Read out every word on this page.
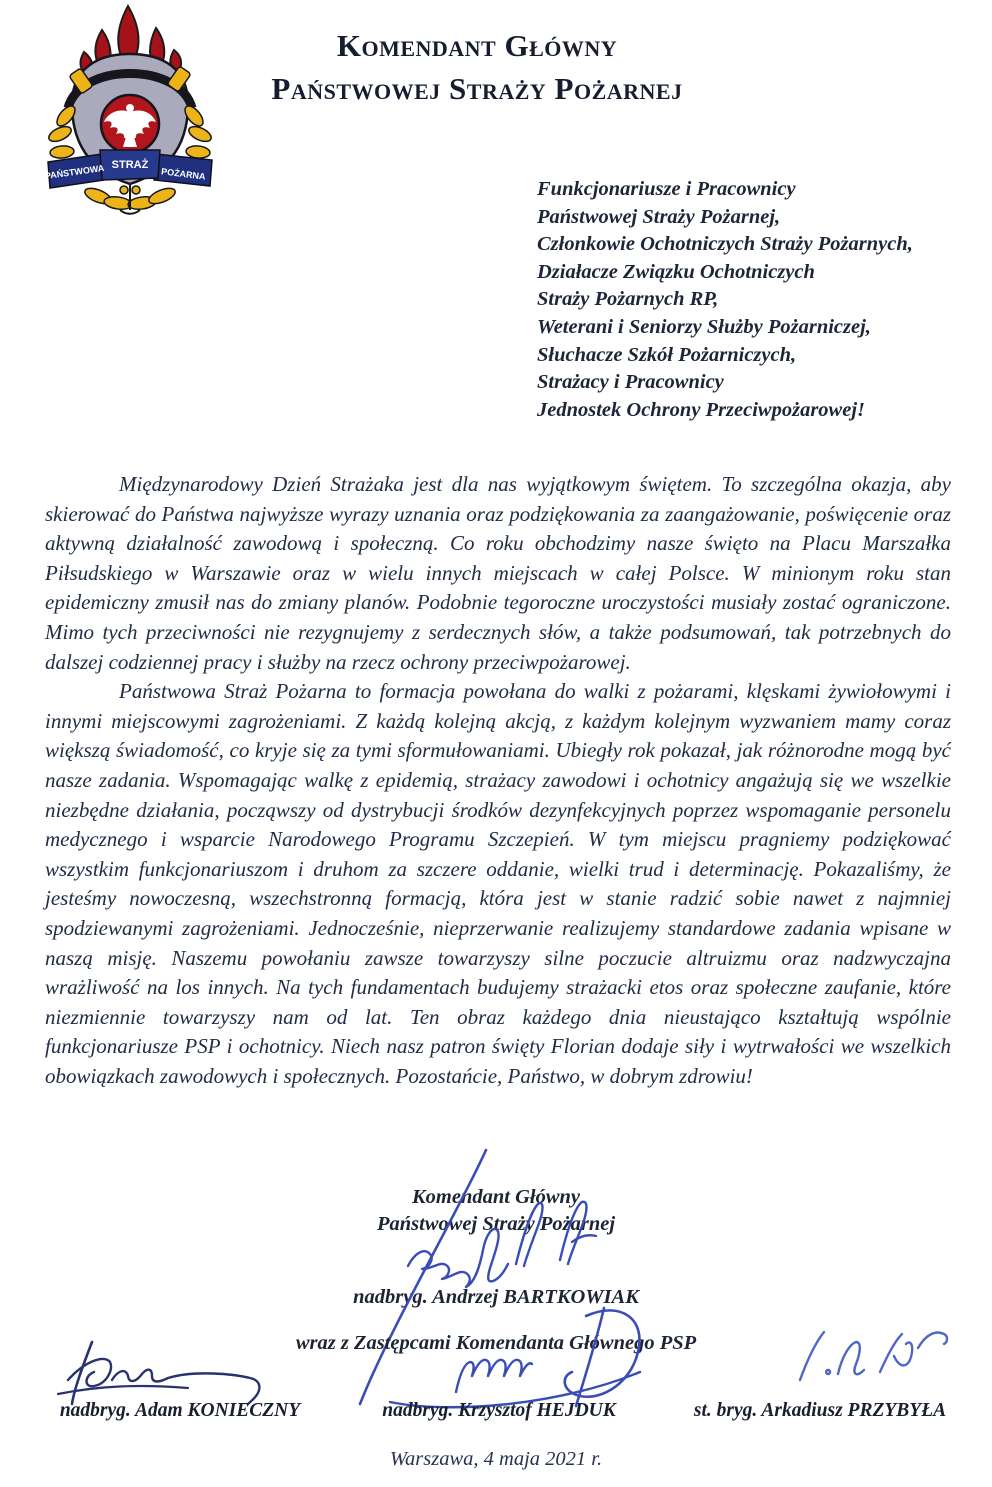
PAŃSTWOWA STRAŻ
POŻARNA
Komendant Główny
Państwowej Straży Pożarnej
Funkcjonariusze i Pracownicy
Państwowej Straży Pożarnej,
Członkowie Ochotniczych Straży Pożarnych,
Działacze Związku Ochotniczych
Straży Pożarnych RP,
Weterani i Seniorzy Służby Pożarniczej,
Słuchacze Szkół Pożarniczych,
Strażacy i Pracownicy
Jednostek Ochrony Przeciwpożarowej!

Międzynarodowy Dzień Strażaka jest dla nas wyjątkowym świętem. To szczególna okazja, aby skierować do Państwa najwyższe wyrazy uznania oraz podziękowania za zaangażowanie, poświęcenie oraz aktywną działalność zawodową i społeczną. Co roku obchodzimy nasze święto na Placu Marszałka Piłsudskiego w Warszawie oraz w wielu innych miejscach w całej Polsce. W minionym roku stan epidemiczny zmusił nas do zmiany planów. Podobnie tegoroczne uroczystości musiały zostać ograniczone. Mimo tych przeciwności nie rezygnujemy z serdecznych słów, a także podsumowań, tak potrzebnych do dalszej codziennej pracy i służby na rzecz ochrony przeciwpożarowej.

Państwowa Straż Pożarna to formacja powołana do walki z pożarami, klęskami żywiołowymi i innymi miejscowymi zagrożeniami. Z każdą kolejną akcją, z każdym kolejnym wyzwaniem mamy coraz większą świadomość, co kryje się za tymi sformułowaniami. Ubiegły rok pokazał, jak różnorodne mogą być nasze zadania. Wspomagając walkę z epidemią, strażacy zawodowi i ochotnicy angażują się we wszelkie niezbędne działania, począwszy od dystrybucji środków dezynfekcyjnych poprzez wspomaganie personelu medycznego i wsparcie Narodowego Programu Szczepień. W tym miejscu pragniemy podziękować wszystkim funkcjonariuszom i druhom za szczere oddanie, wielki trud i determinację. Pokazaliśmy, że jesteśmy nowoczesną, wszechstronną formacją, która jest w stanie radzić sobie nawet z najmniej spodziewanymi zagrożeniami. Jednocześnie, nieprzerwanie realizujemy standardowe zadania wpisane w naszą misję. Naszemu powołaniu zawsze towarzyszy silne poczucie altruizmu oraz nadzwyczajna wrażliwość na los innych. Na tych fundamentach budujemy strażacki etos oraz społeczne zaufanie, które niezmiennie towarzyszy nam od lat. Ten obraz każdego dnia nieustająco kształtują wspólnie funkcjonariusze PSP i ochotnicy. Niech nasz patron święty Florian dodaje siły i wytrwałości we wszelkich obowiązkach zawodowych i społecznych. Pozostańcie, Państwo, w dobrym zdrowiu!

Komendant Główny
Państwowej Straży Pożarnej
nadbryg. Andrzej BARTKOWIAK
wraz z Zastępcami Komendanta Głównego PSP
nadbryg. Adam KONIECZNY	nadbryg. Krzysztof HEJDUK	st. bryg. Arkadiusz PRZYBYŁA
Warszawa, 4 maja 2021 r.
